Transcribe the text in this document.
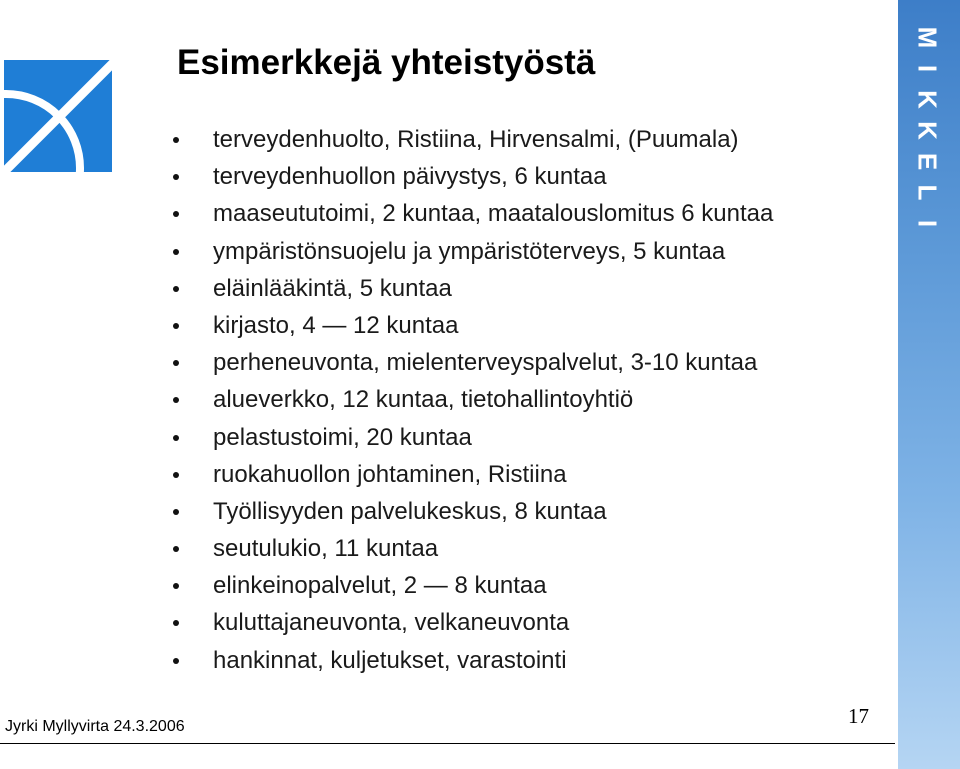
Esimerkkejä yhteistyöstä
terveydenhuolto, Ristiina, Hirvensalmi, (Puumala)
terveydenhuollon päivystys, 6 kuntaa
maaseututoimi, 2 kuntaa, maatalouslomitus 6 kuntaa
ympäristönsuojelu ja ympäristöterveys, 5 kuntaa
eläinlääkintä, 5 kuntaa
kirjasto, 4 — 12 kuntaa
perheneuvonta, mielenterveyspalvelut, 3-10 kuntaa
alueverkko, 12 kuntaa, tietohallintoyhtiö
pelastustoimi, 20 kuntaa
ruokahuollon johtaminen, Ristiina
Työllisyyden palvelukeskus, 8 kuntaa
seutulukio, 11 kuntaa
elinkeinopalvelut, 2 — 8 kuntaa
kuluttajaneuvonta, velkaneuvonta
hankinnat, kuljetukset, varastointi
M
I
K
K
E
L
I
Jyrki Myllyvirta 24.3.2006	17
